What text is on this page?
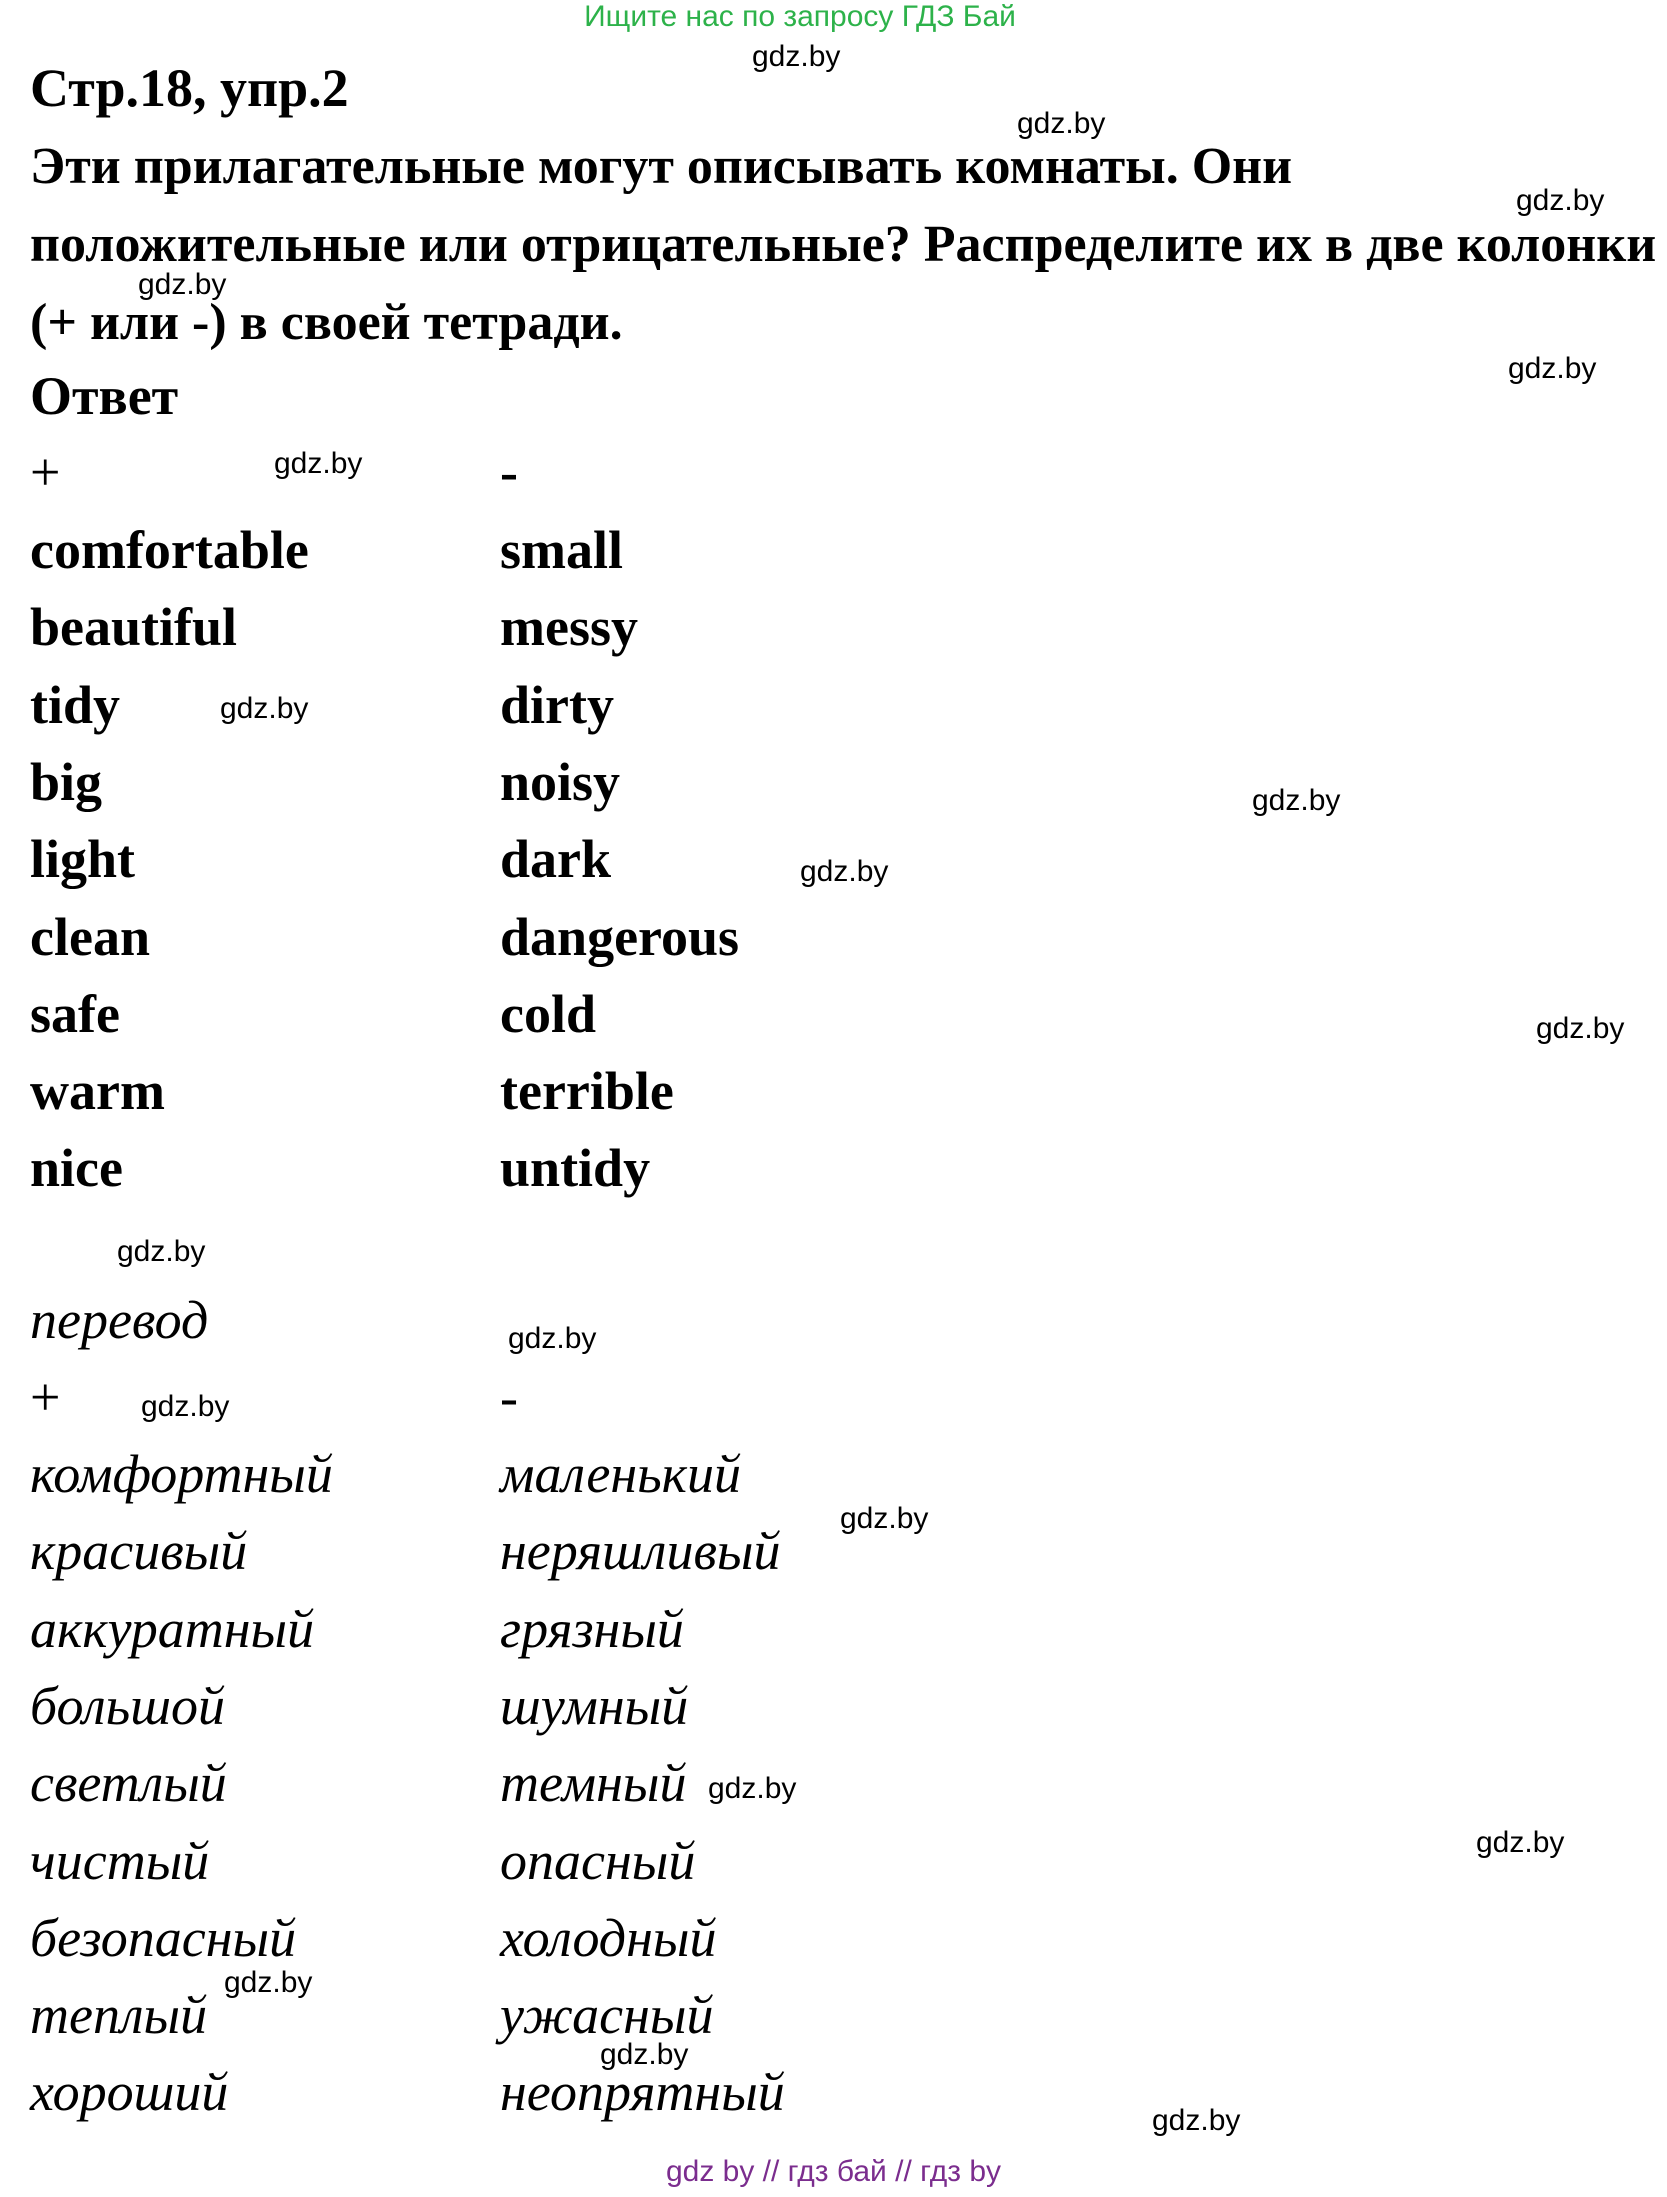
Ищите нас по запросу ГДЗ Бай
Стр.18, упр.2
Эти прилагательные могут описывать комнаты. Они положительные или отрицательные? Распределите их в две колонки (+ или -) в своей тетради.
Ответ
+	-
comfortable
beautiful
tidy
big
light
clean
safe
warm
nice
small
messy
dirty
noisy
dark
dangerous
cold
terrible
untidy
перевод
+	-
комфортный
красивый
аккуратный
большой
светлый
чистый
безопасный
теплый
хороший
маленький
неряшливый
грязный
шумный
темный
опасный
холодный
ужасный
неопрятный
gdz.by
gdz.by
gdz.by
gdz.by
gdz.by
gdz.by
gdz.by
gdz.by
gdz.by
gdz.by
gdz.by
gdz.by
gdz.by
gdz.by
gdz.by
gdz.by
gdz.by
gdz.by
gdz.by
gdz by // гдз бай // гдз by
